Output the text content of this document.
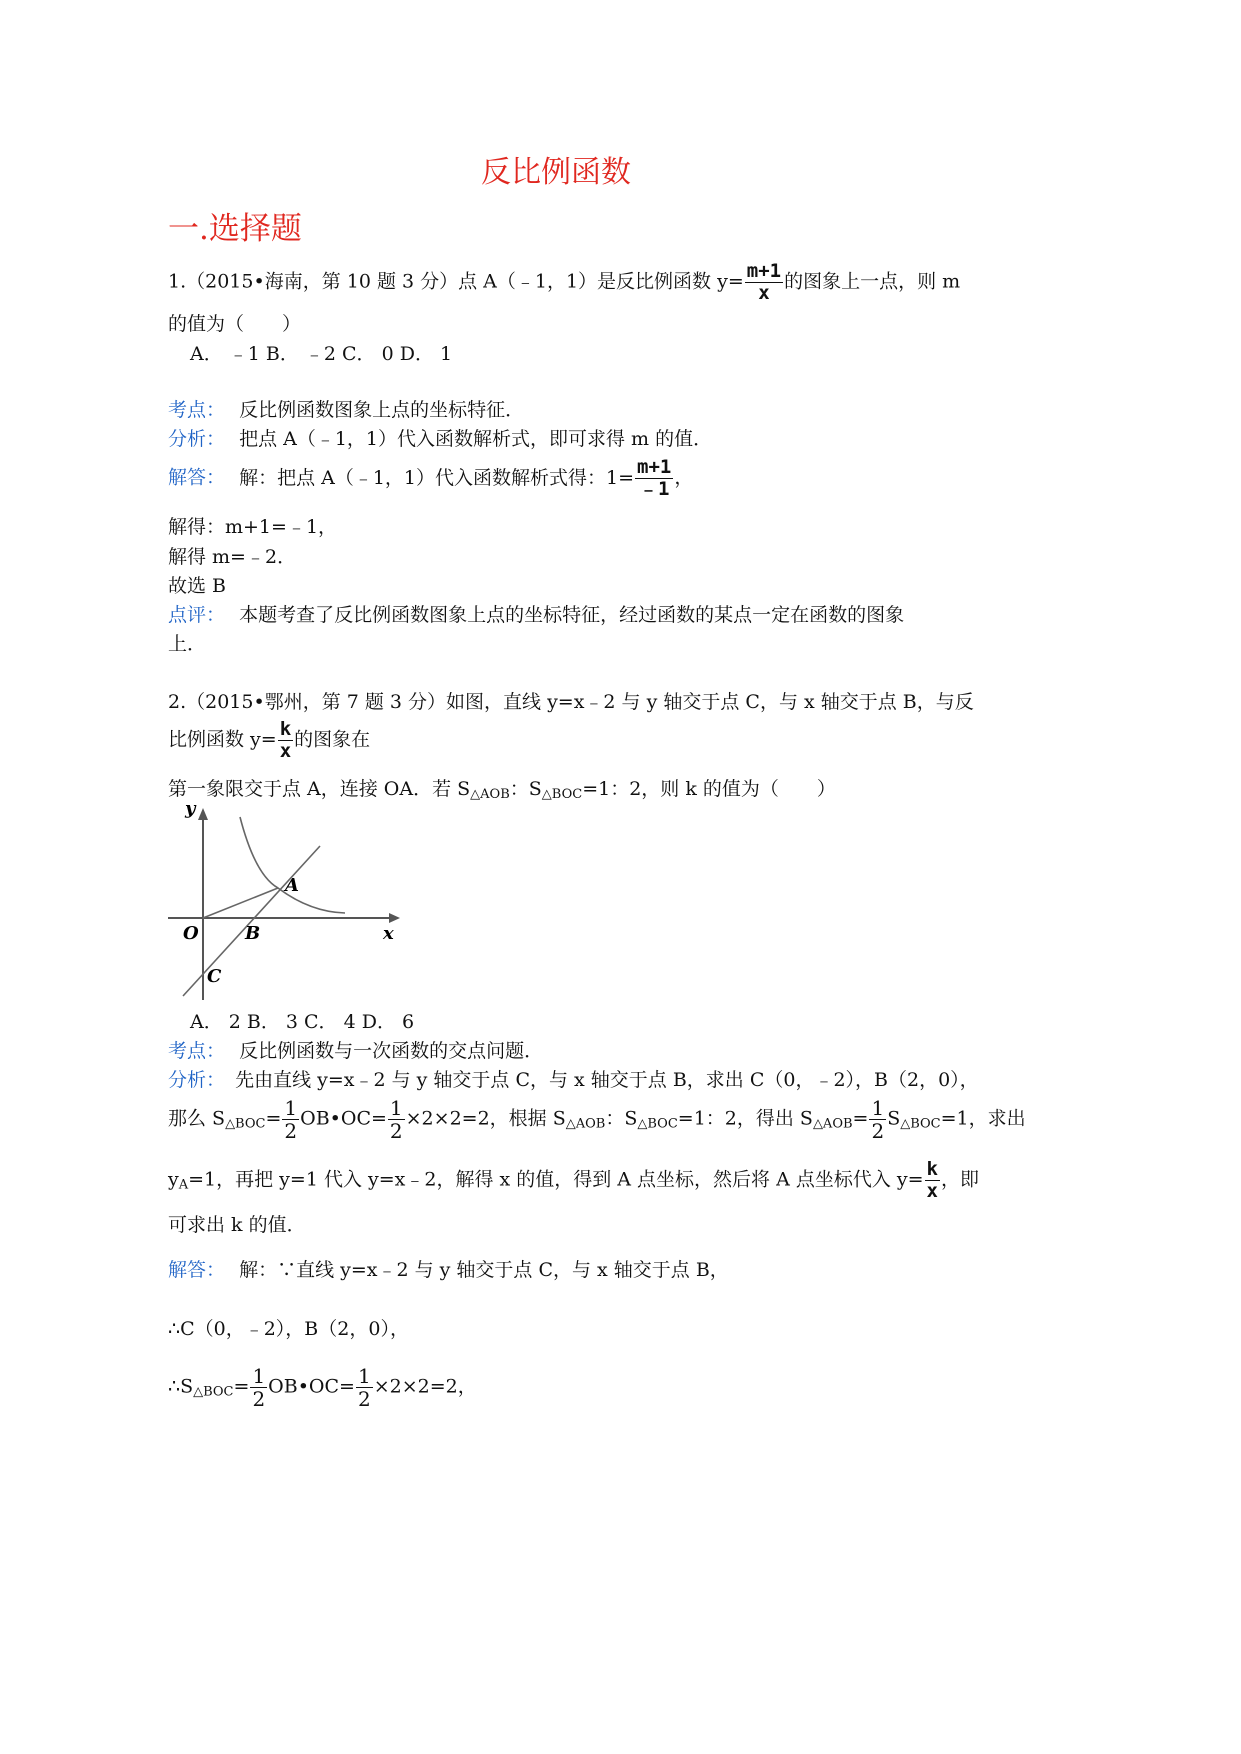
反比例函数
一.选择题
1.（2015•海南，第 10 题 3 分）点 A（﹣1，1）是反比例函数 $y= \frac{m+1}{x}$ 的图象上一点，则 m
的值为（　　）
A． ﹣1 B． ﹣2 C． 0 D． 1
考点： 反比例函数图象上点的坐标特征．
分析： 把点 A（﹣1，1）代入函数解析式，即可求得 m 的值．
解答： 解：把点 A（﹣1，1）代入函数解析式得：$1= \frac{m+1}{﹣1}$ ，
解得：m+1=﹣1，
解得 m=﹣2．
故选 B
点评： 本题考查了反比例函数图象上点的坐标特征，经过函数的某点一定在函数的图象
上．
2.（2015•鄂州，第 7 题 3 分）如图，直线 y=x﹣2 与 y 轴交于点 C，与 x 轴交于点 B，与反
比例函数 $y= \frac{k}{x}$ 的图象在
第一象限交于点 A，连接 OA．若 $S_{\triangle AOB}$：$S_{\triangle BOC}=1$：2，则 k 的值为（　　）
y
x
O
A
B
C
A． 2 B． 3 C． 4 D． 6
考点： 反比例函数与一次函数的交点问题．
分析： 先由直线 y=x﹣2 与 y 轴交于点 C，与 x 轴交于点 B，求出 C（0，﹣2），B（2，0），
那么 $S_{\triangle BOC}= \frac{1}{2}$ OB•OC= $\frac{1}{2} \times 2\times 2=2$，根据 $S_{\triangle AOB}$：$S_{\triangle BOC}=1$：2，得出 $S_{\triangle AOB}= \frac{1}{2} S_{\triangle BOC}=1$，求出
$y_A=1$，再把 y=1 代入 y=x﹣2，解得 x 的值，得到 A 点坐标，然后将 A 点坐标代入 $y= \frac{k}{x}$ ，即
可求出 k 的值．
解答： 解：∵直线 y=x﹣2 与 y 轴交于点 C，与 x 轴交于点 B，
∴C（0，﹣2），B（2，0），
$\therefore S_{\triangle BOC}= \frac{1}{2}$ OB•OC= $\frac{1}{2} \times 2\times 2=2$，
